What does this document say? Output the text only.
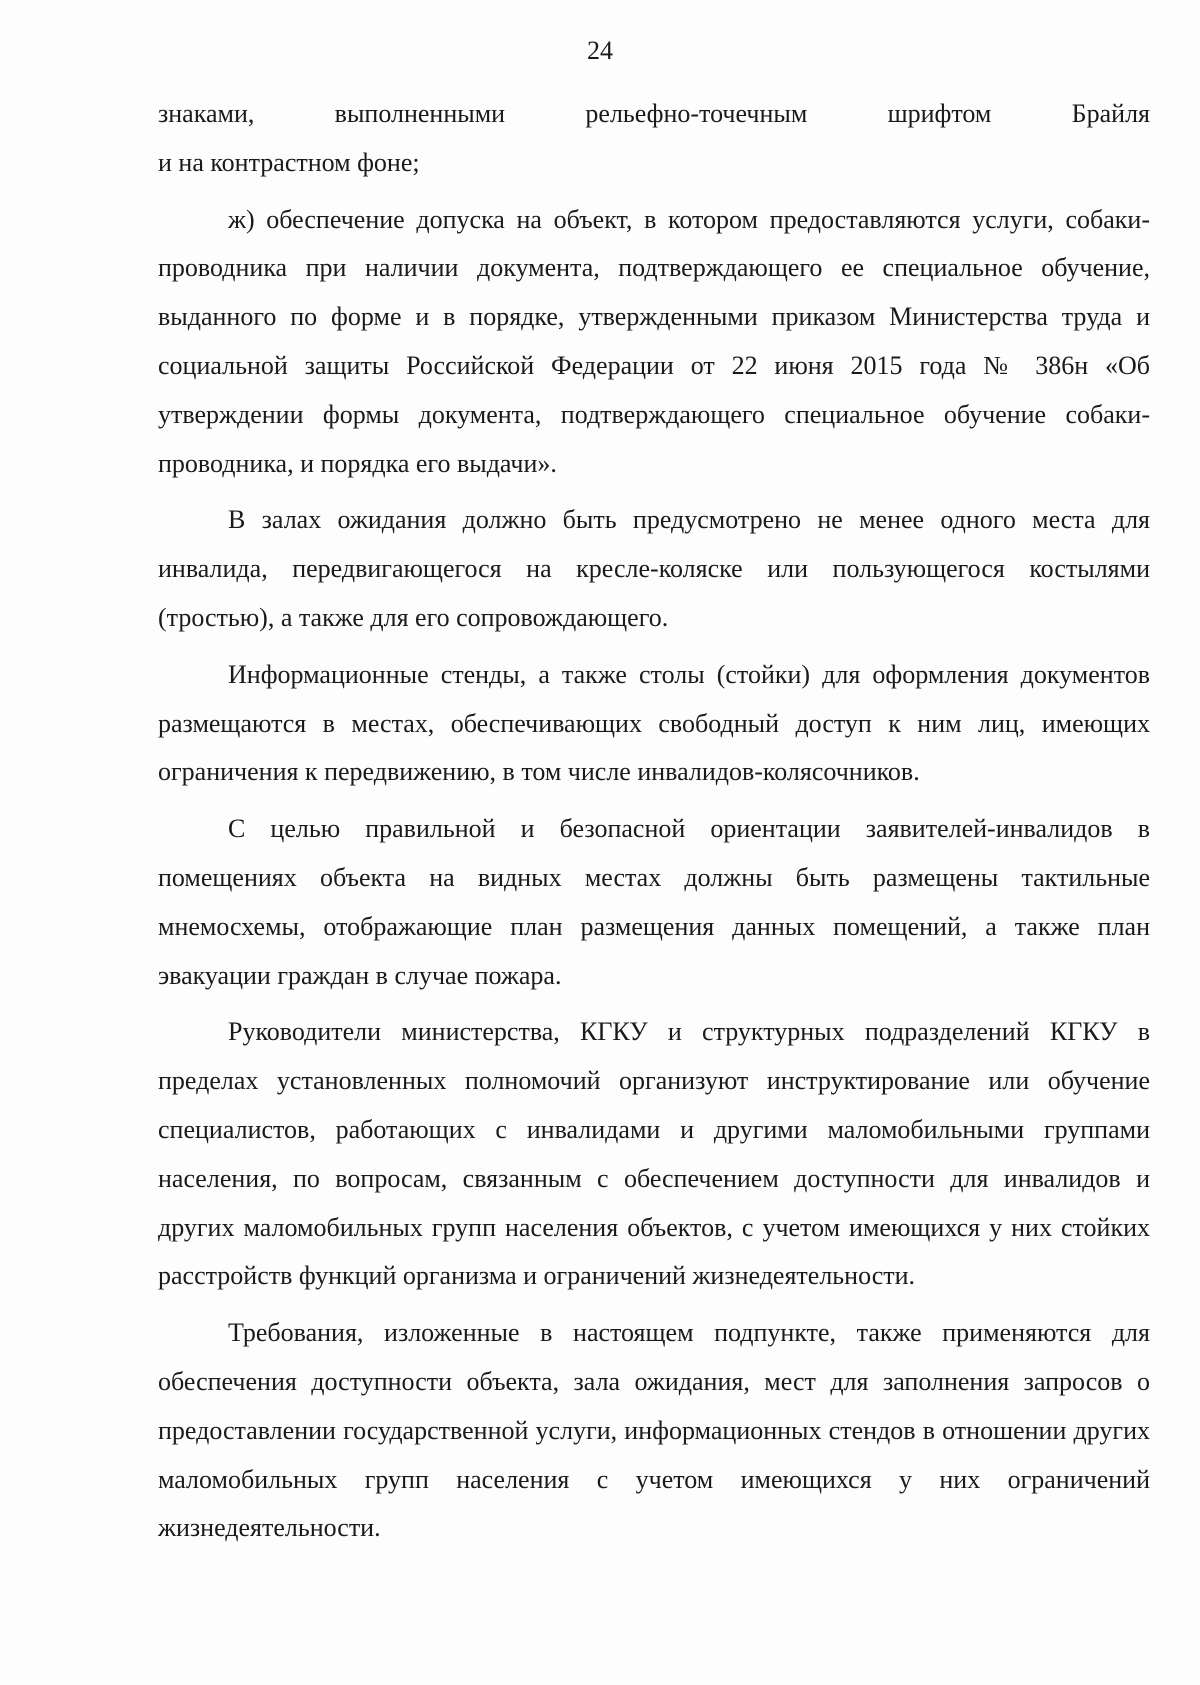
24

знаками, выполненными рельефно-точечным шрифтом Брайля
и на контрастном фоне;

ж) обеспечение допуска на объект, в котором предоставляются услуги, собаки-проводника при наличии документа, подтверждающего ее специальное обучение, выданного по форме и в порядке, утвержденными приказом Министерства труда и социальной защиты Российской Федерации от 22 июня 2015 года № 386н «Об утверждении формы документа, подтверждающего специальное обучение собаки-проводника, и порядка его выдачи».

В залах ожидания должно быть предусмотрено не менее одного места для инвалида, передвигающегося на кресле-коляске или пользующегося костылями (тростью), а также для его сопровождающего.

Информационные стенды, а также столы (стойки) для оформления документов размещаются в местах, обеспечивающих свободный доступ к ним лиц, имеющих ограничения к передвижению, в том числе инвалидов-колясочников.

С целью правильной и безопасной ориентации заявителей-инвалидов в помещениях объекта на видных местах должны быть размещены тактильные мнемосхемы, отображающие план размещения данных помещений, а также план эвакуации граждан в случае пожара.

Руководители министерства, КГКУ и структурных подразделений КГКУ в пределах установленных полномочий организуют инструктирование или обучение специалистов, работающих с инвалидами и другими маломобильными группами населения, по вопросам, связанным с обеспечением доступности для инвалидов и других маломобильных групп населения объектов, с учетом имеющихся у них стойких расстройств функций организма и ограничений жизнедеятельности.

Требования, изложенные в настоящем подпункте, также применяются для обеспечения доступности объекта, зала ожидания, мест для заполнения запросов о предоставлении государственной услуги, информационных стендов в отношении других маломобильных групп населения с учетом имеющихся у них ограничений жизнедеятельности.
